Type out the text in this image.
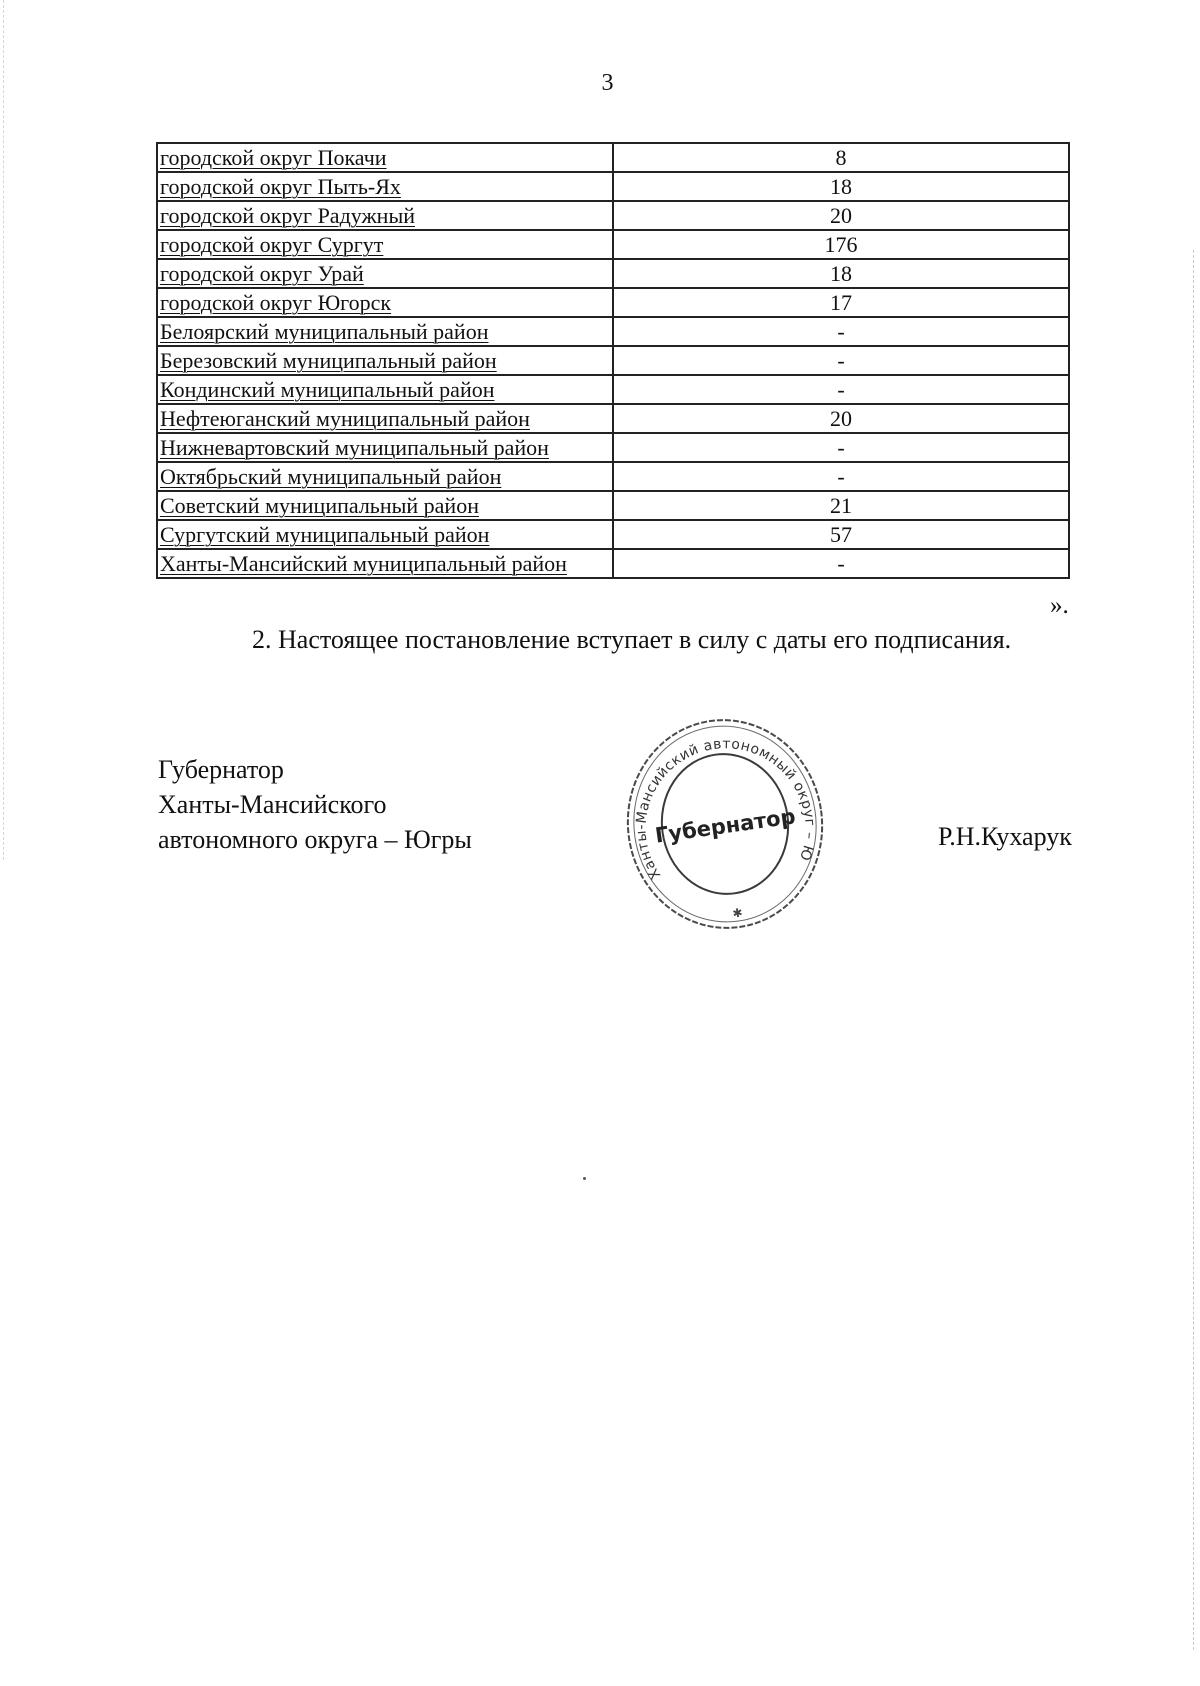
3
городской округ Покачи	8
городской округ Пыть-Ях	18
городской округ Радужный	20
городской округ Сургут	176
городской округ Урай	18
городской округ Югорск	17
Белоярский муниципальный район	-
Березовский муниципальный район	-
Кондинский муниципальный район	-
Нефтеюганский муниципальный район	20
Нижневартовский муниципальный район	-
Октябрьский муниципальный район	-
Советский муниципальный район	21
Сургутский муниципальный район	57
Ханты-Мансийский муниципальный район	-
».
2. Настоящее постановление вступает в силу с даты его подписания.
Губернатор
Ханты-Мансийского
автономного округа – Югры
Ханты-Мансийский автономный округ – Югра
Губернатор
✱
Р.Н.Кухарук
